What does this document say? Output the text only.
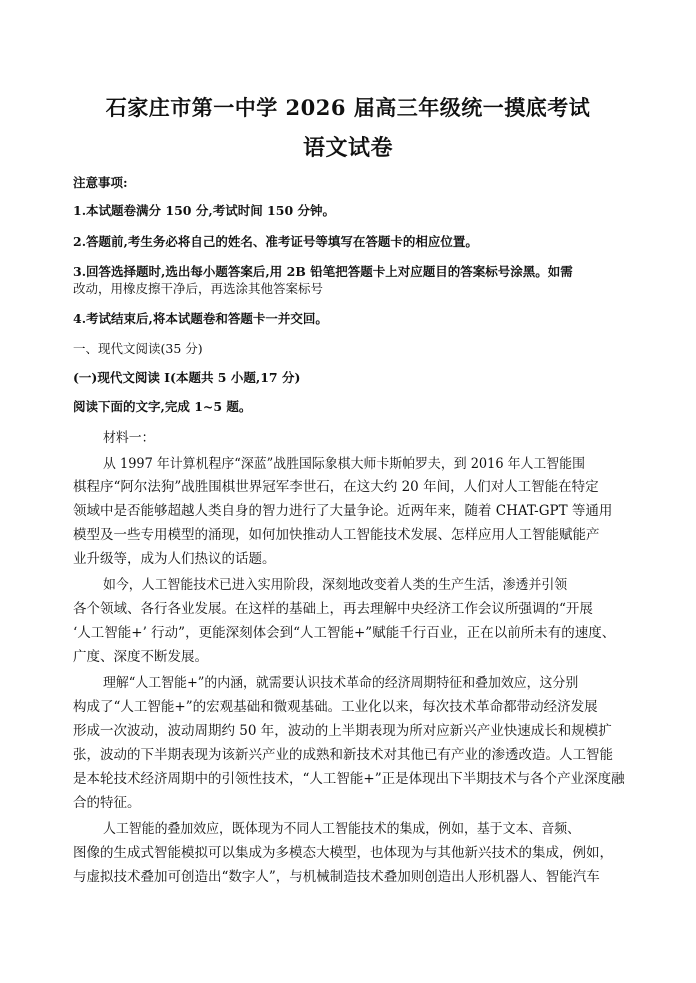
石家庄市第一中学 2026 届高三年级统一摸底考试
语文试卷
注意事项:
1.本试题卷满分 150 分,考试时间 150 分钟。
2.答题前,考生务必将自己的姓名、准考证号等填写在答题卡的相应位置。
3.回答选择题时,选出每小题答案后,用 2B 铅笔把答题卡上对应题目的答案标号涂黑。如需
改动，用橡皮擦干净后，再选涂其他答案标号
4.考试结束后,将本试题卷和答题卡一并交回。
一、现代文阅读(35 分)
(一)现代文阅读 I(本题共 5 小题,17 分)
阅读下面的文字,完成 1~5 题。
材料一：
从 1997 年计算机程序“深蓝”战胜国际象棋大师卡斯帕罗夫，到 2016 年人工智能围
棋程序“阿尔法狗”战胜围棋世界冠军李世石，在这大约 20 年间，人们对人工智能在特定
领域中是否能够超越人类自身的智力进行了大量争论。近两年来，随着 CHAT-GPT 等通用
模型及一些专用模型的涌现，如何加快推动人工智能技术发展、怎样应用人工智能赋能产
业升级等，成为人们热议的话题。
如今，人工智能技术已进入实用阶段，深刻地改变着人类的生产生活，渗透并引领
各个领域、各行各业发展。在这样的基础上，再去理解中央经济工作会议所强调的“开展
‘人工智能+’ 行动”，更能深刻体会到“人工智能+”赋能千行百业，正在以前所未有的速度、
广度、深度不断发展。
理解“人工智能+”的内涵，就需要认识技术革命的经济周期特征和叠加效应，这分别
构成了“人工智能+”的宏观基础和微观基础。工业化以来，每次技术革命都带动经济发展
形成一次波动，波动周期约 50 年，波动的上半期表现为所对应新兴产业快速成长和规模扩
张，波动的下半期表现为该新兴产业的成熟和新技术对其他已有产业的渗透改造。人工智能
是本轮技术经济周期中的引领性技术，“人工智能+”正是体现出下半期技术与各个产业深度融
合的特征。
人工智能的叠加效应，既体现为不同人工智能技术的集成，例如，基于文本、音频、
图像的生成式智能模拟可以集成为多模态大模型，也体现为与其他新兴技术的集成，例如，
与虚拟技术叠加可创造出“数字人”，与机械制造技术叠加则创造出人形机器人、智能汽车
